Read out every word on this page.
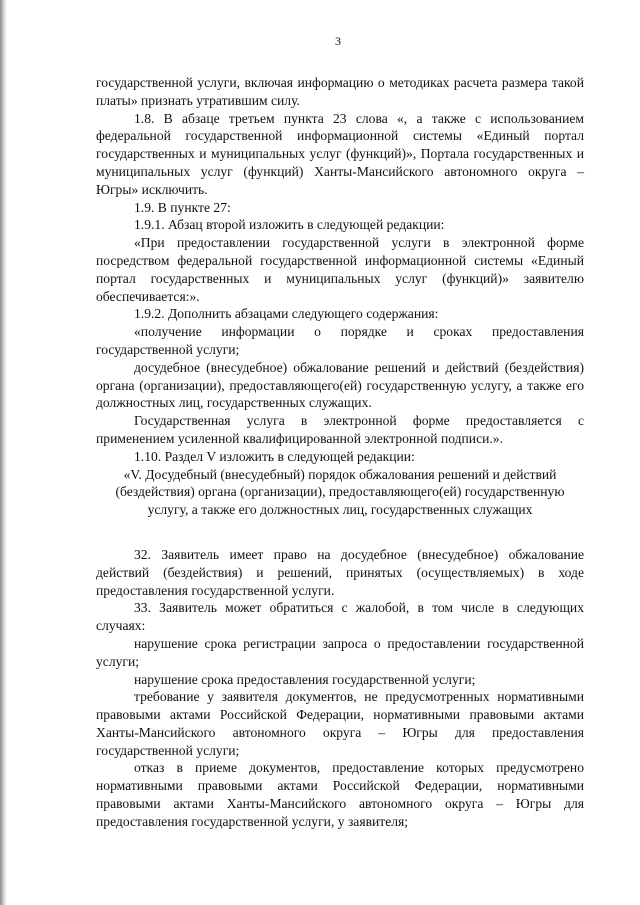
3

государственной услуги, включая информацию о методиках расчета размера такой платы» признать утратившим силу.

1.8. В абзаце третьем пункта 23 слова «, а также с использованием федеральной государственной информационной системы «Единый портал государственных и муниципальных услуг (функций)», Портала государственных и муниципальных услуг (функций) Ханты-Мансийского автономного округа – Югры» исключить.

1.9. В пункте 27:

1.9.1. Абзац второй изложить в следующей редакции:

«При предоставлении государственной услуги в электронной форме посредством федеральной государственной информационной системы «Единый портал государственных и муниципальных услуг (функций)» заявителю обеспечивается:».

1.9.2. Дополнить абзацами следующего содержания:

«получение информации о порядке и сроках предоставления государственной услуги;

досудебное (внесудебное) обжалование решений и действий (бездействия) органа (организации), предоставляющего(ей) государственную услугу, а также его должностных лиц, государственных служащих.

Государственная услуга в электронной форме предоставляется с применением усиленной квалифицированной электронной подписи.».

1.10. Раздел V изложить в следующей редакции:

«V. Досудебный (внесудебный) порядок обжалования решений и действий (бездействия) органа (организации), предоставляющего(ей) государственную услугу, а также его должностных лиц, государственных служащих

32. Заявитель имеет право на досудебное (внесудебное) обжалование действий (бездействия) и решений, принятых (осуществляемых) в ходе предоставления государственной услуги.

33. Заявитель может обратиться с жалобой, в том числе в следующих случаях:

нарушение срока регистрации запроса о предоставлении государственной услуги;

нарушение срока предоставления государственной услуги;

требование у заявителя документов, не предусмотренных нормативными правовыми актами Российской Федерации, нормативными правовыми актами Ханты-Мансийского автономного округа – Югры для предоставления государственной услуги;

отказ в приеме документов, предоставление которых предусмотрено нормативными правовыми актами Российской Федерации, нормативными правовыми актами Ханты-Мансийского автономного округа – Югры для предоставления государственной услуги, у заявителя;
